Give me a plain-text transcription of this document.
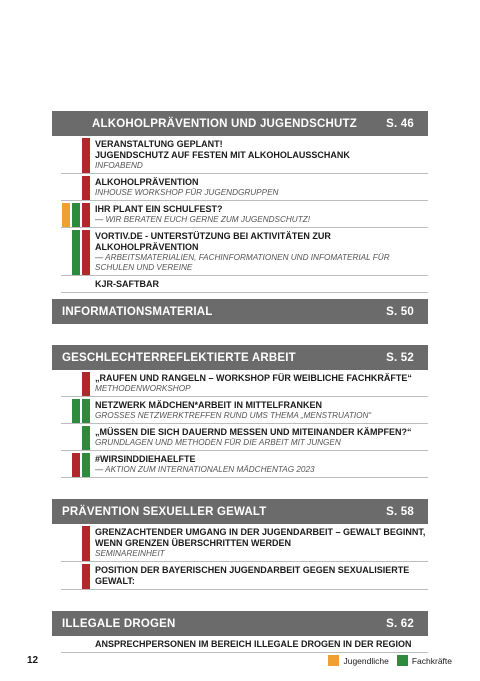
ALKOHOLPRÄVENTION UND JUGENDSCHUTZ	S. 46
VERANSTALTUNG GEPLANT!
JUGENDSCHUTZ AUF FESTEN MIT ALKOHOLAUSSCHANK
INFOABEND
ALKOHOLPRÄVENTION
INHOUSE WORKSHOP FÜR JUGENDGRUPPEN
IHR PLANT EIN SCHULFEST?
— WIR BERATEN EUCH GERNE ZUM JUGENDSCHUTZ!
VORTIV.DE - UNTERSTÜTZUNG BEI AKTIVITÄTEN ZUR ALKOHOLPRÄVENTION
— ARBEITSMATERIALIEN, FACHINFORMATIONEN UND INFOMATERIAL FÜR SCHULEN UND VEREINE
KJR-SAFTBAR
INFORMATIONSMATERIAL	S. 50
GESCHLECHTERREFLEKTIERTE ARBEIT	S. 52
„RAUFEN UND RANGELN – WORKSHOP FÜR WEIBLICHE FACHKRÄFTE“
METHODENWORKSHOP
NETZWERK MÄDCHEN*ARBEIT IN MITTELFRANKEN
GROSSES NETZWERKTREFFEN RUND UMS THEMA „MENSTRUATION“
„MÜSSEN DIE SICH DAUERND MESSEN UND MITEINANDER KÄMPFEN?“
GRUNDLAGEN UND METHODEN FÜR DIE ARBEIT MIT JUNGEN
#WIRSINDDIEHAELFTE
— AKTION ZUM INTERNATIONALEN MÄDCHENTAG 2023
PRÄVENTION SEXUELLER GEWALT	S. 58
GRENZACHTENDER UMGANG IN DER JUGENDARBEIT – GEWALT BEGINNT, WENN GRENZEN ÜBERSCHRITTEN WERDEN
SEMINAREINHEIT
POSITION DER BAYERISCHEN JUGENDARBEIT GEGEN SEXUALISIERTE GEWALT:
ILLEGALE DROGEN	S. 62
ANSPRECHPERSONEN IM BEREICH ILLEGALE DROGEN IN DER REGION
12	Jugendliche	Fachkräfte
